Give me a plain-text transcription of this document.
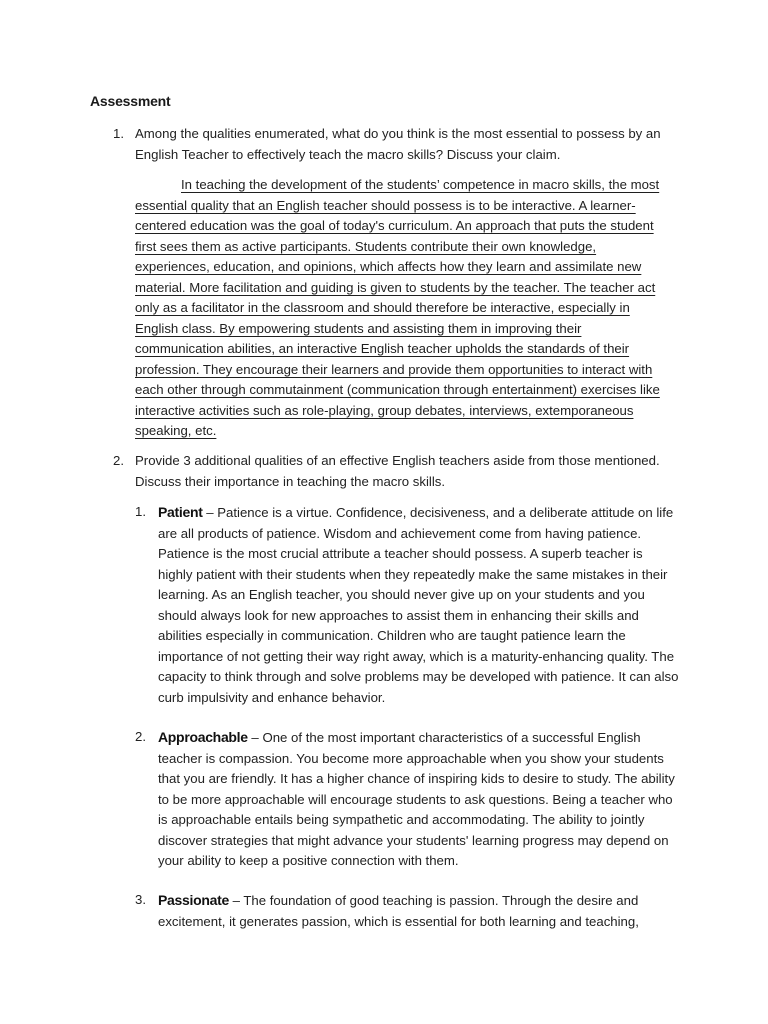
Assessment
1. Among the qualities enumerated, what do you think is the most essential to possess by an English Teacher to effectively teach the macro skills? Discuss your claim.
In teaching the development of the students’ competence in macro skills, the most essential quality that an English teacher should possess is to be interactive. A learner-centered education was the goal of today's curriculum. An approach that puts the student first sees them as active participants. Students contribute their own knowledge, experiences, education, and opinions, which affects how they learn and assimilate new material. More facilitation and guiding is given to students by the teacher. The teacher act only as a facilitator in the classroom and should therefore be interactive, especially in English class. By empowering students and assisting them in improving their communication abilities, an interactive English teacher upholds the standards of their profession. They encourage their learners and provide them opportunities to interact with each other through commutainment (communication through entertainment) exercises like interactive activities such as role-playing, group debates, interviews, extemporaneous speaking, etc.
2. Provide 3 additional qualities of an effective English teachers aside from those mentioned. Discuss their importance in teaching the macro skills.
1. Patient – Patience is a virtue. Confidence, decisiveness, and a deliberate attitude on life are all products of patience. Wisdom and achievement come from having patience. Patience is the most crucial attribute a teacher should possess. A superb teacher is highly patient with their students when they repeatedly make the same mistakes in their learning. As an English teacher, you should never give up on your students and you should always look for new approaches to assist them in enhancing their skills and abilities especially in communication. Children who are taught patience learn the importance of not getting their way right away, which is a maturity-enhancing quality. The capacity to think through and solve problems may be developed with patience. It can also curb impulsivity and enhance behavior.
2. Approachable – One of the most important characteristics of a successful English teacher is compassion. You become more approachable when you show your students that you are friendly. It has a higher chance of inspiring kids to desire to study. The ability to be more approachable will encourage students to ask questions. Being a teacher who is approachable entails being sympathetic and accommodating. The ability to jointly discover strategies that might advance your students' learning progress may depend on your ability to keep a positive connection with them.
3. Passionate – The foundation of good teaching is passion. Through the desire and excitement, it generates passion, which is essential for both learning and teaching,
